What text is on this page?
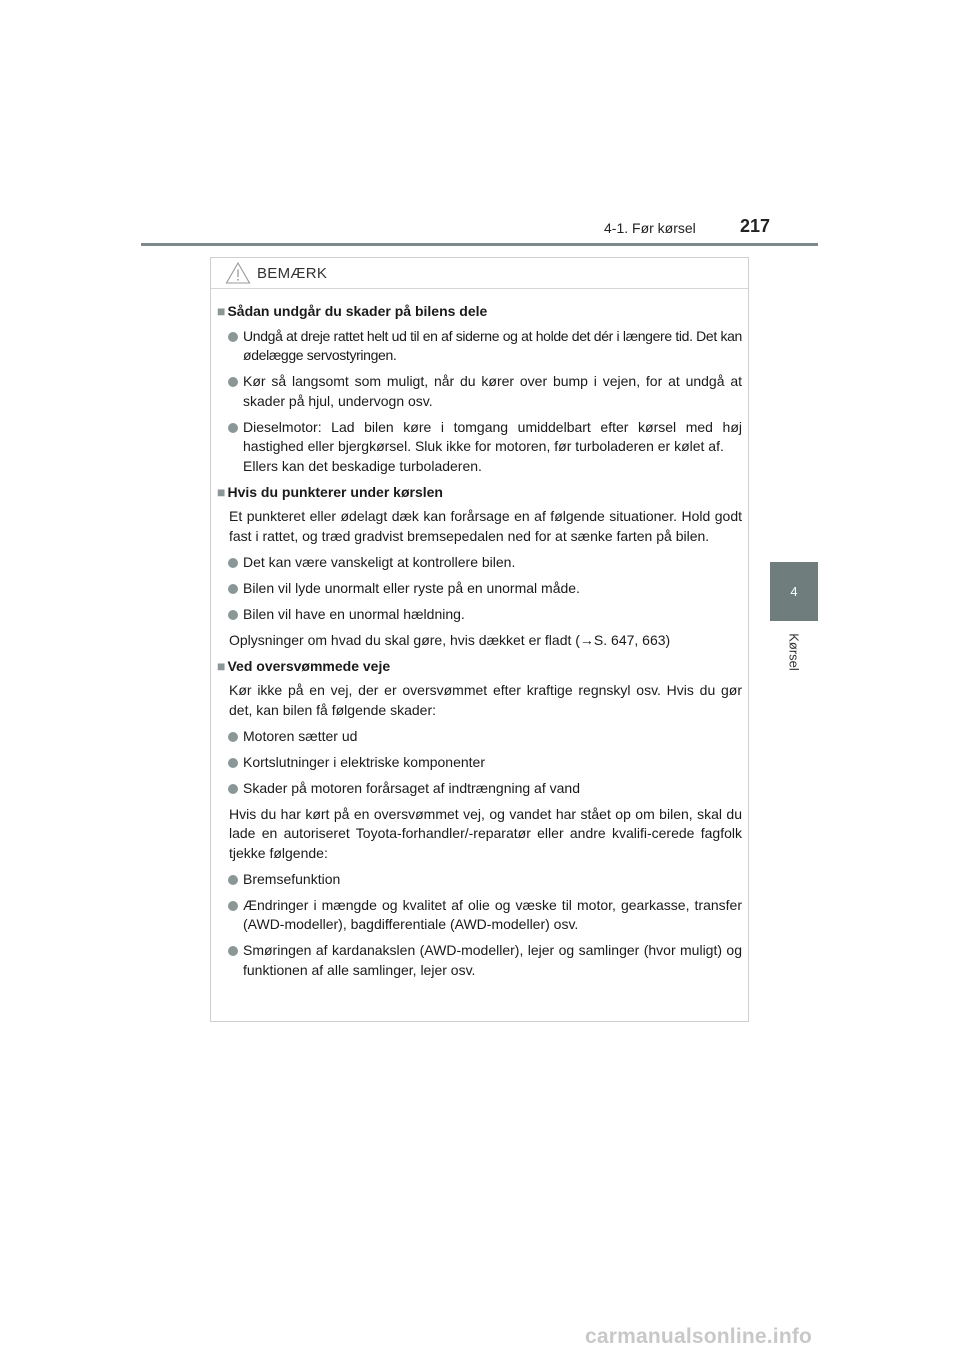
4-1. Før kørsel 217
4
Kørsel
BEMÆRK
■ Sådan undgår du skader på bilens dele
Undgå at dreje rattet helt ud til en af siderne og at holde det dér i længere tid. Det kan ødelægge servostyringen.
Kør så langsomt som muligt, når du kører over bump i vejen, for at undgå at skader på hjul, undervogn osv.
Dieselmotor: Lad bilen køre i tomgang umiddelbart efter kørsel med høj hastighed eller bjergkørsel. Sluk ikke for motoren, før turboladeren er kølet af.
Ellers kan det beskadige turboladeren.
■ Hvis du punkterer under kørslen
Et punkteret eller ødelagt dæk kan forårsage en af følgende situationer. Hold godt fast i rattet, og træd gradvist bremsepedalen ned for at sænke farten på bilen.
Det kan være vanskeligt at kontrollere bilen.
Bilen vil lyde unormalt eller ryste på en unormal måde.
Bilen vil have en unormal hældning.
Oplysninger om hvad du skal gøre, hvis dækket er fladt (→S. 647, 663)
■ Ved oversvømmede veje
Kør ikke på en vej, der er oversvømmet efter kraftige regnskyl osv. Hvis du gør det, kan bilen få følgende skader:
Motoren sætter ud
Kortslutninger i elektriske komponenter
Skader på motoren forårsaget af indtrængning af vand
Hvis du har kørt på en oversvømmet vej, og vandet har stået op om bilen, skal du lade en autoriseret Toyota-forhandler/-reparatør eller andre kvalifi-cerede fagfolk tjekke følgende:
Bremsefunktion
Ændringer i mængde og kvalitet af olie og væske til motor, gearkasse, transfer (AWD-modeller), bagdifferentiale (AWD-modeller) osv.
Smøringen af kardanakslen (AWD-modeller), lejer og samlinger (hvor muligt) og funktionen af alle samlinger, lejer osv.
carmanualsonline.info
